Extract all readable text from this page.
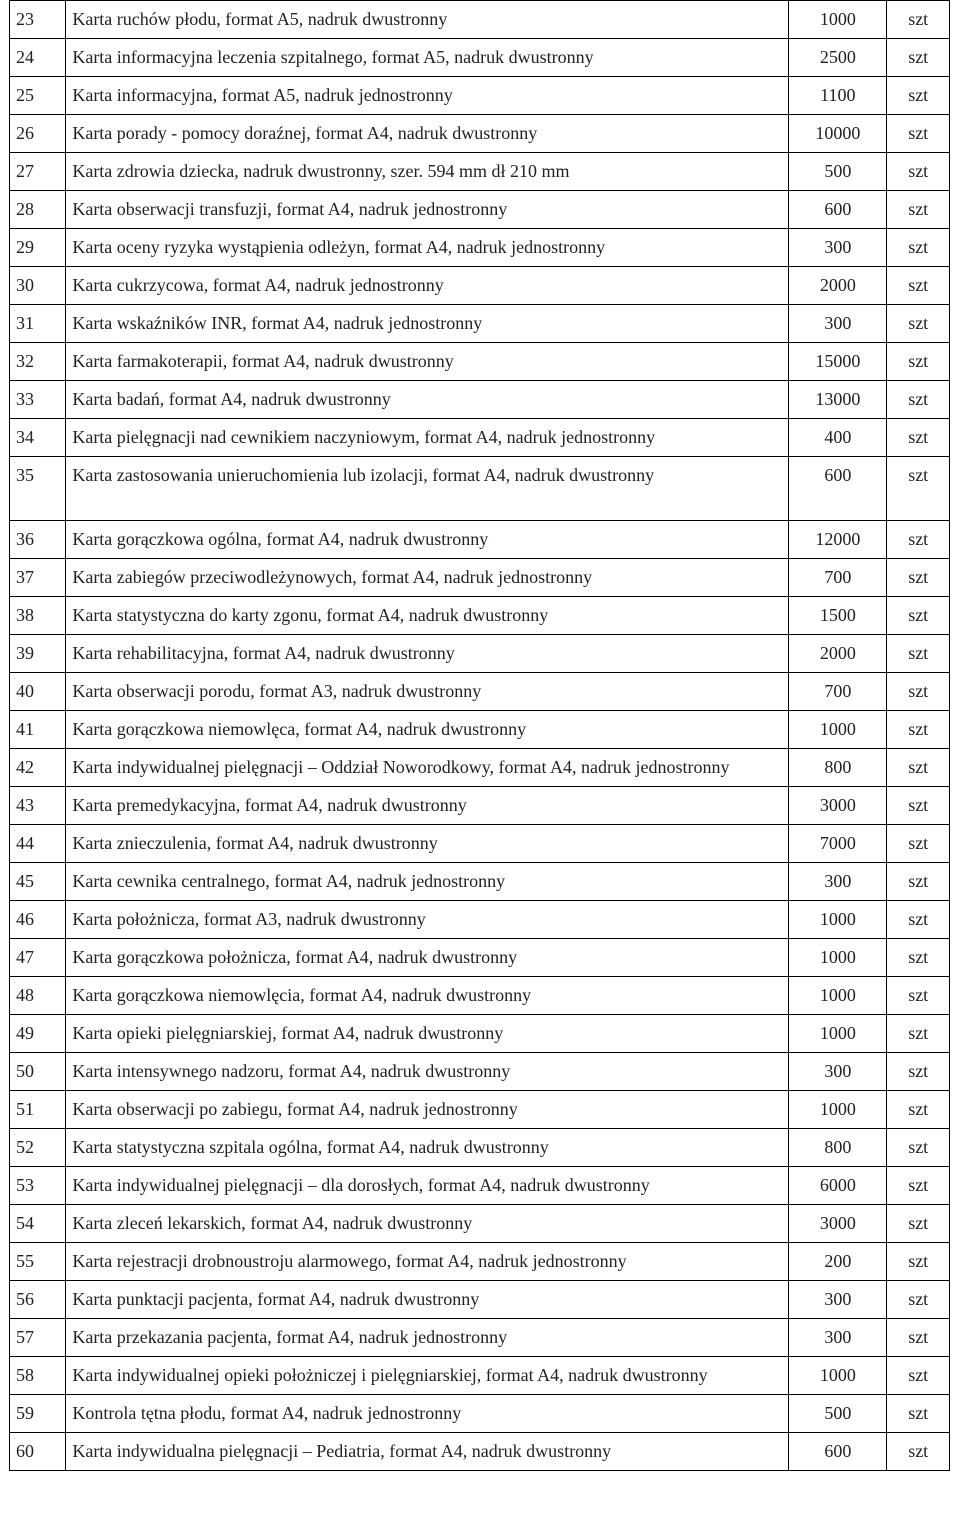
23	Karta ruchów płodu, format A5, nadruk dwustronny	1000	szt
24	Karta informacyjna leczenia szpitalnego, format A5, nadruk dwustronny	2500	szt
25	Karta informacyjna, format A5, nadruk jednostronny	1100	szt
26	Karta porady - pomocy doraźnej, format A4, nadruk dwustronny	10000	szt
27	Karta zdrowia dziecka, nadruk dwustronny, szer. 594 mm dł 210 mm	500	szt
28	Karta obserwacji transfuzji, format A4, nadruk jednostronny	600	szt
29	Karta oceny ryzyka wystąpienia odleżyn, format A4, nadruk jednostronny	300	szt
30	Karta cukrzycowa, format A4, nadruk jednostronny	2000	szt
31	Karta wskaźników INR, format A4, nadruk jednostronny	300	szt
32	Karta farmakoterapii, format A4, nadruk dwustronny	15000	szt
33	Karta badań, format A4, nadruk dwustronny	13000	szt
34	Karta pielęgnacji nad cewnikiem naczyniowym, format A4, nadruk jednostronny	400	szt
35	Karta zastosowania unieruchomienia lub izolacji, format A4, nadruk dwustronny	600	szt

36	Karta gorączkowa ogólna, format A4, nadruk dwustronny	12000	szt
37	Karta zabiegów przeciwodleżynowych, format A4, nadruk jednostronny	700	szt
38	Karta statystyczna do karty zgonu, format A4, nadruk dwustronny	1500	szt
39	Karta rehabilitacyjna, format A4, nadruk dwustronny	2000	szt
40	Karta obserwacji porodu, format A3, nadruk dwustronny	700	szt
41	Karta gorączkowa niemowlęca, format A4, nadruk dwustronny	1000	szt
42	Karta indywidualnej pielęgnacji – Oddział Noworodkowy, format A4, nadruk jednostronny	800	szt
43	Karta premedykacyjna, format A4, nadruk dwustronny	3000	szt
44	Karta znieczulenia, format A4, nadruk dwustronny	7000	szt
45	Karta cewnika centralnego, format A4, nadruk jednostronny	300	szt
46	Karta położnicza, format A3, nadruk dwustronny	1000	szt
47	Karta gorączkowa położnicza, format A4, nadruk dwustronny	1000	szt
48	Karta gorączkowa niemowlęcia, format A4, nadruk dwustronny	1000	szt
49	Karta opieki pielęgniarskiej, format A4, nadruk dwustronny	1000	szt
50	Karta intensywnego nadzoru, format A4, nadruk dwustronny	300	szt
51	Karta obserwacji po zabiegu, format A4, nadruk jednostronny	1000	szt
52	Karta statystyczna szpitala ogólna, format A4, nadruk dwustronny	800	szt
53	Karta indywidualnej pielęgnacji – dla dorosłych, format A4, nadruk dwustronny	6000	szt
54	Karta zleceń lekarskich, format A4, nadruk dwustronny	3000	szt
55	Karta rejestracji drobnoustroju alarmowego, format A4, nadruk jednostronny	200	szt
56	Karta punktacji pacjenta, format A4, nadruk dwustronny	300	szt
57	Karta przekazania pacjenta, format A4, nadruk jednostronny	300	szt
58	Karta indywidualnej opieki położniczej i pielęgniarskiej, format A4, nadruk dwustronny	1000	szt
59	Kontrola tętna płodu, format A4, nadruk jednostronny	500	szt
60	Karta indywidualna pielęgnacji – Pediatria, format A4, nadruk dwustronny	600	szt
